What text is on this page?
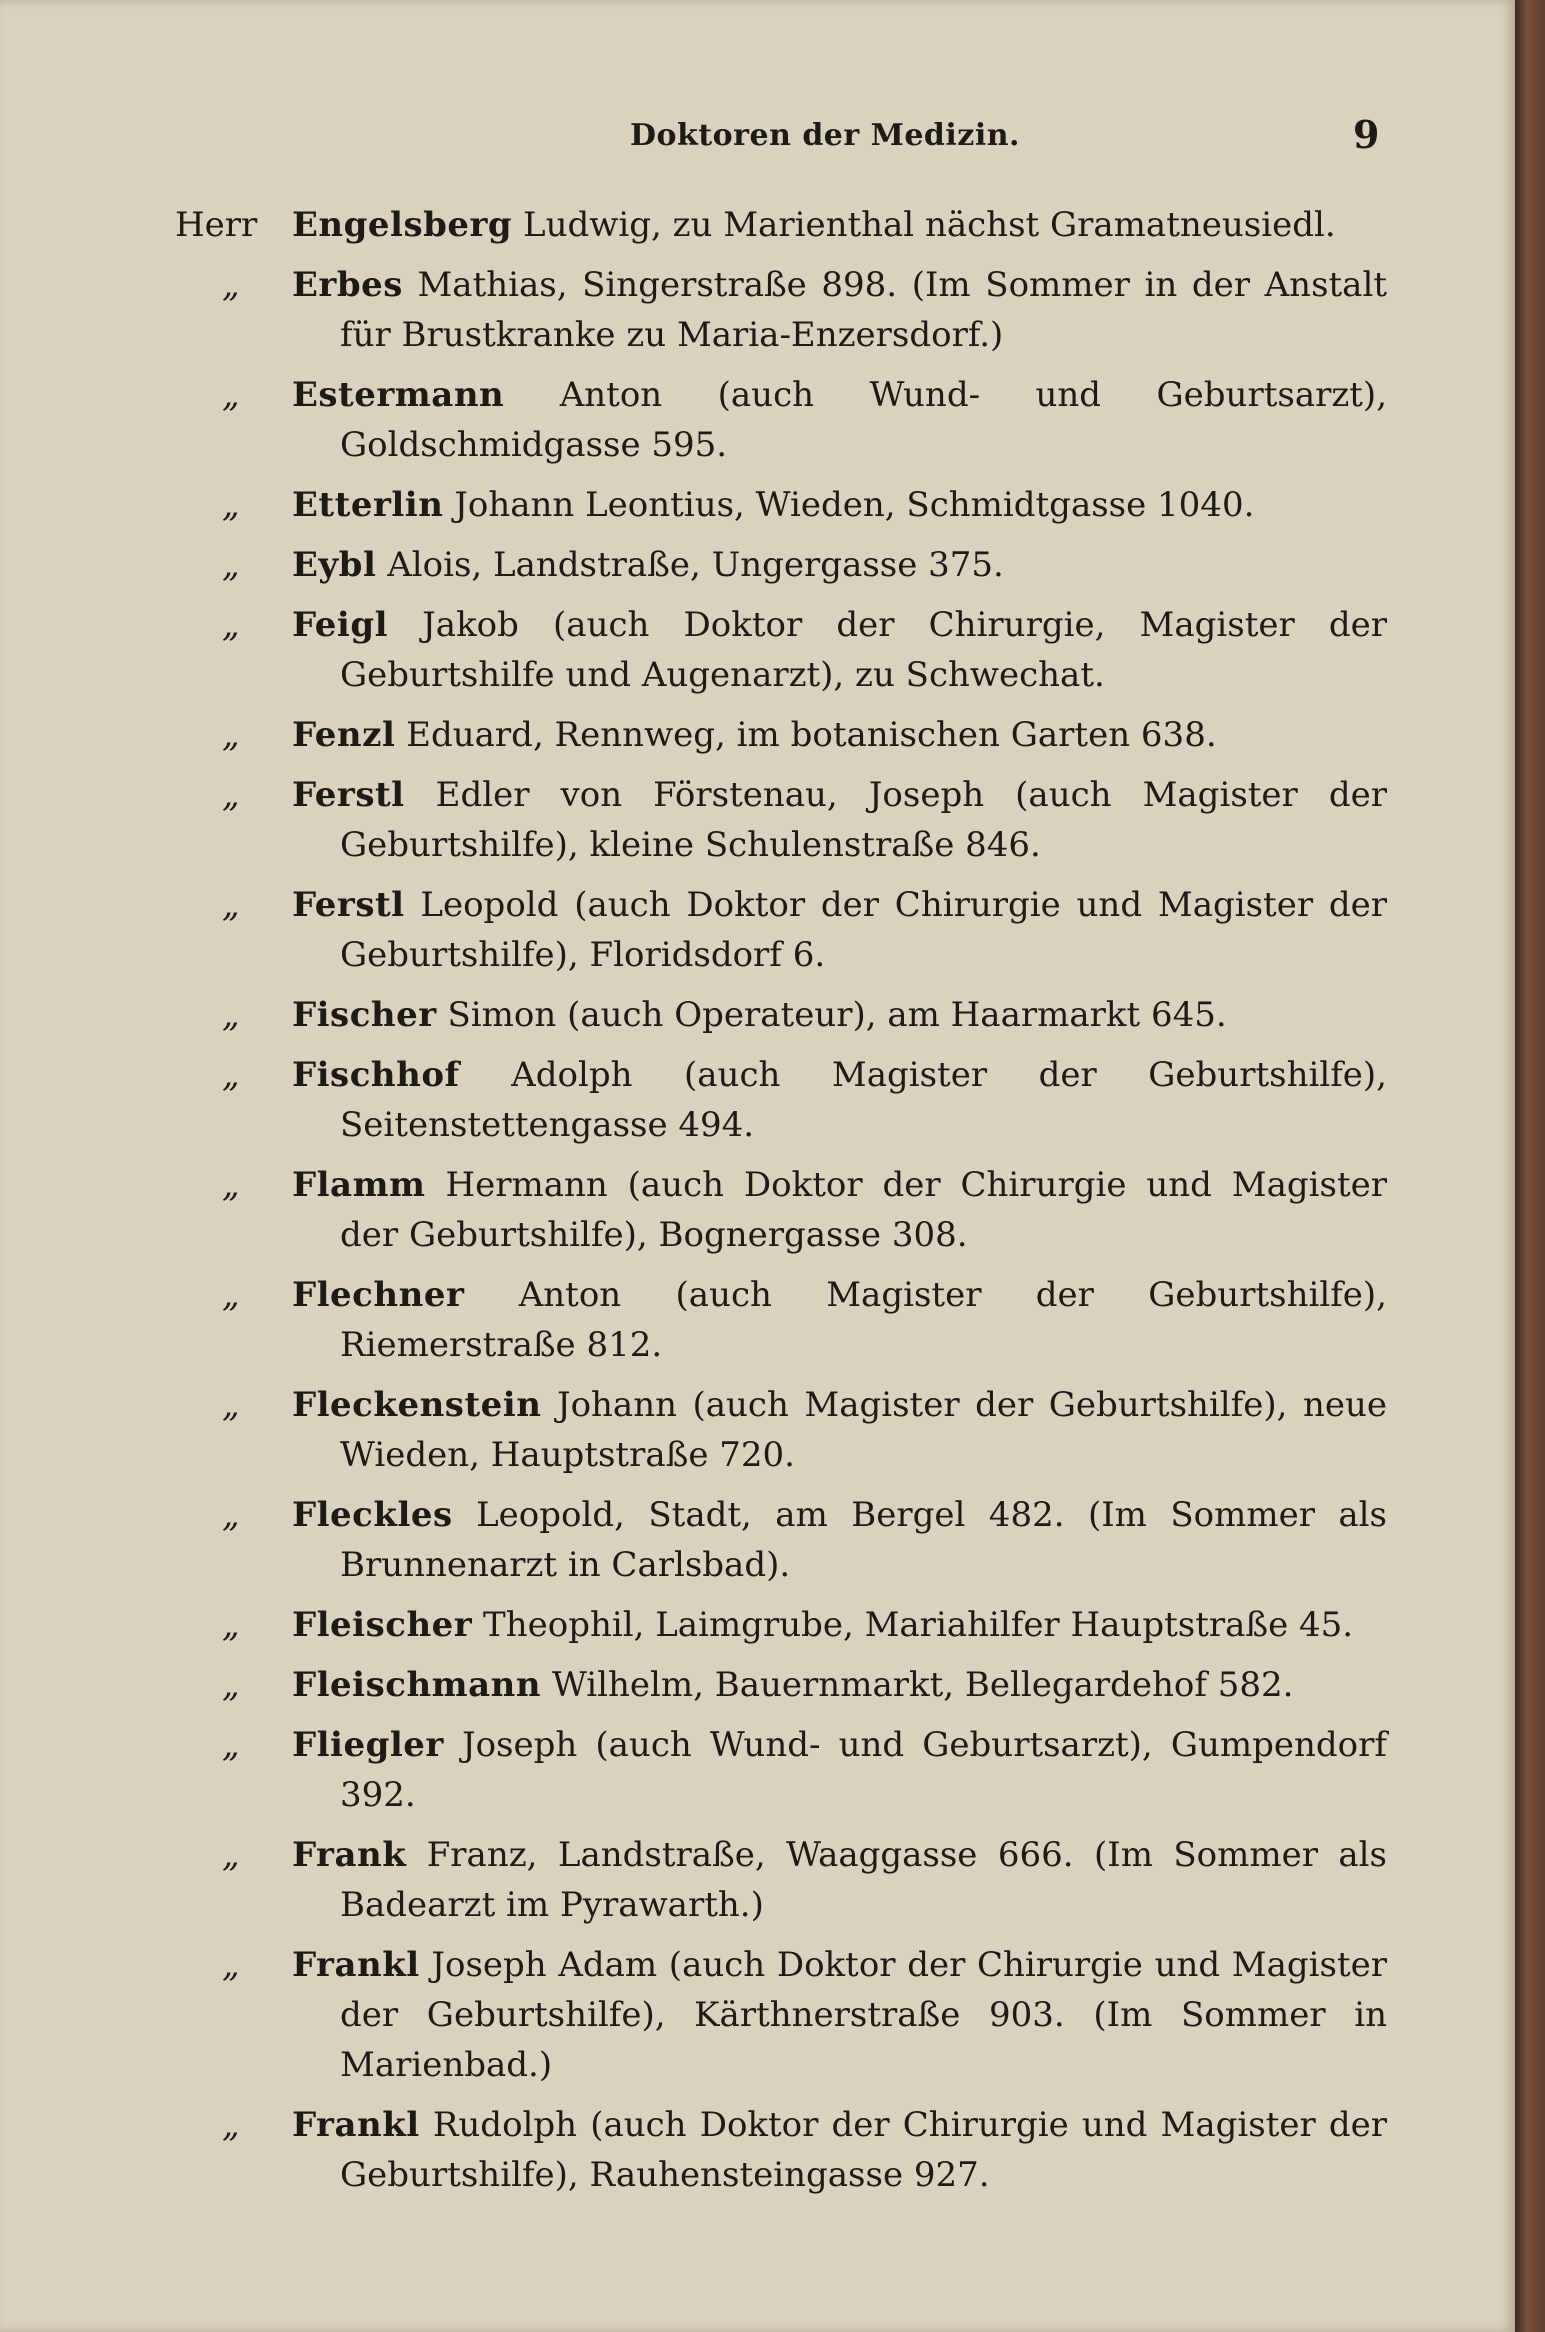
Doktoren der Medizin.	9
Herr Engelsberg Ludwig, zu Marienthal nächst Gramatneusiedl.
„ Erbes Mathias, Singerstraße 898. (Im Sommer in der Anstalt für Brustkranke zu Maria-Enzersdorf.)
„ Estermann Anton (auch Wund- und Geburtsarzt), Goldschmidgasse 595.
„ Etterlin Johann Leontius, Wieden, Schmidtgasse 1040.
„ Eybl Alois, Landstraße, Ungergasse 375.
„ Feigl Jakob (auch Doktor der Chirurgie, Magister der Geburtshilfe und Augenarzt), zu Schwechat.
„ Fenzl Eduard, Rennweg, im botanischen Garten 638.
„ Ferstl Edler von Förstenau, Joseph (auch Magister der Geburtshilfe), kleine Schulenstraße 846.
„ Ferstl Leopold (auch Doktor der Chirurgie und Magister der Geburtshilfe), Floridsdorf 6.
„ Fischer Simon (auch Operateur), am Haarmarkt 645.
„ Fischhof Adolph (auch Magister der Geburtshilfe), Seitenstettengasse 494.
„ Flamm Hermann (auch Doktor der Chirurgie und Magister der Geburtshilfe), Bognergasse 308.
„ Flechner Anton (auch Magister der Geburtshilfe), Riemerstraße 812.
„ Fleckenstein Johann (auch Magister der Geburtshilfe), neue Wieden, Hauptstraße 720.
„ Fleckles Leopold, Stadt, am Bergel 482. (Im Sommer als Brunnenarzt in Carlsbad).
„ Fleischer Theophil, Laimgrube, Mariahilfer Hauptstraße 45.
„ Fleischmann Wilhelm, Bauernmarkt, Bellegardehof 582.
„ Fliegler Joseph (auch Wund- und Geburtsarzt), Gumpendorf 392.
„ Frank Franz, Landstraße, Waaggasse 666. (Im Sommer als Badearzt im Pyrawarth.)
„ Frankl Joseph Adam (auch Doktor der Chirurgie und Magister der Geburtshilfe), Kärthnerstraße 903. (Im Sommer in Marienbad.)
„ Frankl Rudolph (auch Doktor der Chirurgie und Magister der Geburtshilfe), Rauhensteingasse 927.
